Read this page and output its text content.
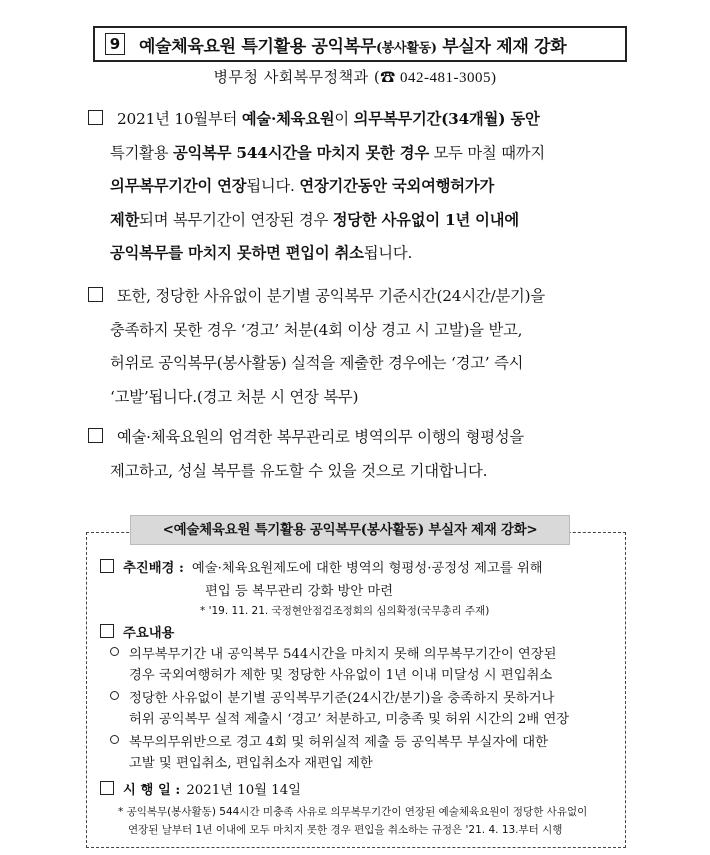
9 예술체육요원 특기활용 공익복무(봉사활동) 부실자 제재 강화
병무청 사회복무정책과 (☎ 042-481-3005)
2021년 10월부터 예술·체육요원이 의무복무기간(34개월) 동안
특기활용 공익복무 544시간을 마치지 못한 경우 모두 마칠 때까지
의무복무기간이 연장됩니다. 연장기간동안 국외여행허가가
제한되며 복무기간이 연장된 경우 정당한 사유없이 1년 이내에
공익복무를 마치지 못하면 편입이 취소됩니다.
또한, 정당한 사유없이 분기별 공익복무 기준시간(24시간/분기)을
충족하지 못한 경우 ‘경고’ 처분(4회 이상 경고 시 고발)을 받고,
허위로 공익복무(봉사활동) 실적을 제출한 경우에는 ‘경고’ 즉시
‘고발’됩니다.(경고 처분 시 연장 복무)
예술·체육요원의 엄격한 복무관리로 병역의무 이행의 형평성을
제고하고, 성실 복무를 유도할 수 있을 것으로 기대합니다.
<예술체육요원 특기활용 공익복무(봉사활동) 부실자 제재 강화>
추진배경 : 예술·체육요원제도에 대한 병역의 형평성·공정성 제고를 위해
편입 등 복무관리 강화 방안 마련
* '19. 11. 21. 국정현안점검조정회의 심의확정(국무총리 주재)
주요내용
의무복무기간 내 공익복무 544시간을 마치지 못해 의무복무기간이 연장된
경우 국외여행허가 제한 및 정당한 사유없이 1년 이내 미달성 시 편입취소
정당한 사유없이 분기별 공익복무기준(24시간/분기)을 충족하지 못하거나
허위 공익복무 실적 제출시 ‘경고’ 처분하고, 미충족 및 허위 시간의 2배 연장
복무의무위반으로 경고 4회 및 허위실적 제출 등 공익복무 부실자에 대한
고발 및 편입취소, 편입취소자 재편입 제한
시 행 일 : 2021년 10월 14일
* 공익복무(봉사활동) 544시간 미충족 사유로 의무복무기간이 연장된 예술체육요원이 정당한 사유없이
연장된 날부터 1년 이내에 모두 마치지 못한 경우 편입을 취소하는 규정은 '21. 4. 13.부터 시행
